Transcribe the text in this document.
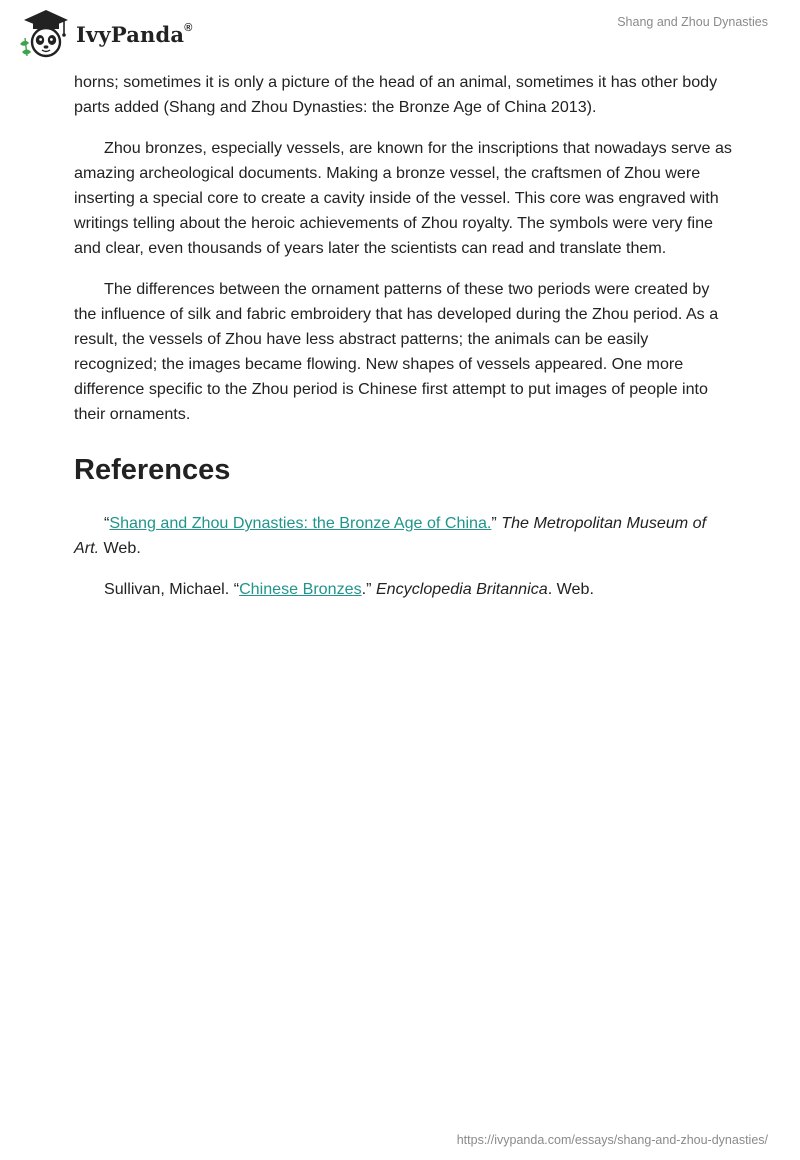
IvyPanda®	Shang and Zhou Dynasties

horns; sometimes it is only a picture of the head of an animal, sometimes it has other body parts added (Shang and Zhou Dynasties: the Bronze Age of China 2013).

Zhou bronzes, especially vessels, are known for the inscriptions that nowadays serve as amazing archeological documents. Making a bronze vessel, the craftsmen of Zhou were inserting a special core to create a cavity inside of the vessel. This core was engraved with writings telling about the heroic achievements of Zhou royalty. The symbols were very fine and clear, even thousands of years later the scientists can read and translate them.

The differences between the ornament patterns of these two periods were created by the influence of silk and fabric embroidery that has developed during the Zhou period. As a result, the vessels of Zhou have less abstract patterns; the animals can be easily recognized; the images became flowing. New shapes of vessels appeared. One more difference specific to the Zhou period is Chinese first attempt to put images of people into their ornaments.

References

“Shang and Zhou Dynasties: the Bronze Age of China.” The Metropolitan Museum of Art. Web.

Sullivan, Michael. “Chinese Bronzes.” Encyclopedia Britannica. Web.

https://ivypanda.com/essays/shang-and-zhou-dynasties/
